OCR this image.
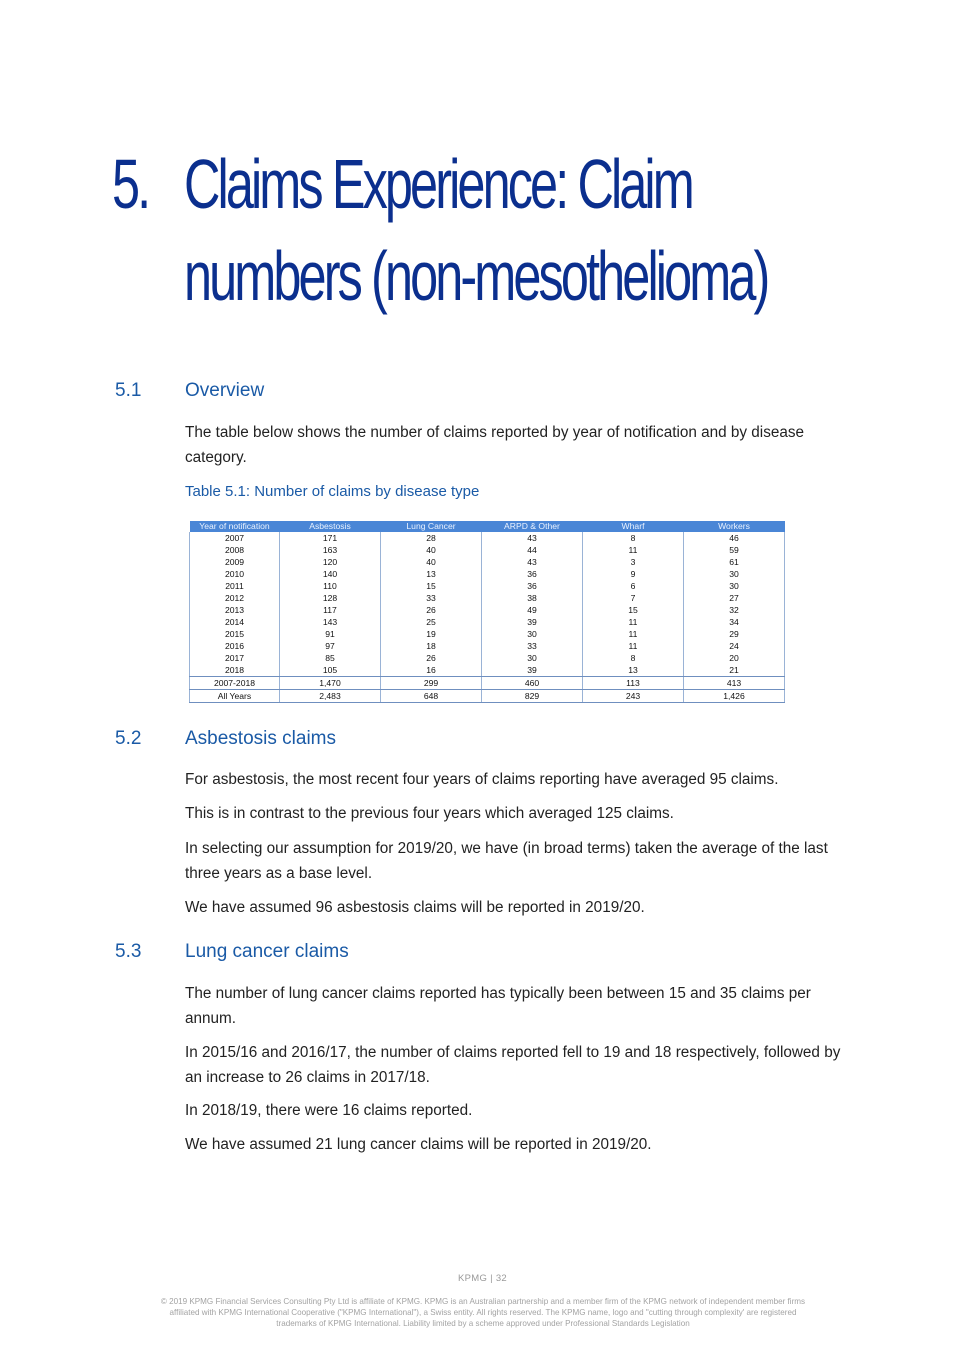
5. Claims Experience: Claim
numbers (non-mesothelioma)
5.1 Overview
The table below shows the number of claims reported by year of notification and by disease category.
Table 5.1: Number of claims by disease type
Year of notification	Asbestosis	Lung Cancer	ARPD & Other	Wharf	Workers
2007	171	28	43	8	46
2008	163	40	44	11	59
2009	120	40	43	3	61
2010	140	13	36	9	30
2011	110	15	36	6	30
2012	128	33	38	7	27
2013	117	26	49	15	32
2014	143	25	39	11	34
2015	91	19	30	11	29
2016	97	18	33	11	24
2017	85	26	30	8	20
2018	105	16	39	13	21
2007-2018	1,470	299	460	113	413
All Years	2,483	648	829	243	1,426
5.2 Asbestosis claims
For asbestosis, the most recent four years of claims reporting have averaged 95 claims.
This is in contrast to the previous four years which averaged 125 claims.
In selecting our assumption for 2019/20, we have (in broad terms) taken the average of the last three years as a base level.
We have assumed 96 asbestosis claims will be reported in 2019/20.
5.3 Lung cancer claims
The number of lung cancer claims reported has typically been between 15 and 35 claims per annum.
In 2015/16 and 2016/17, the number of claims reported fell to 19 and 18 respectively, followed by an increase to 26 claims in 2017/18.
In 2018/19, there were 16 claims reported.
We have assumed 21 lung cancer claims will be reported in 2019/20.
KPMG | 32
© 2019 KPMG Financial Services Consulting Pty Ltd is affiliate of KPMG. KPMG is an Australian partnership and a member firm of the KPMG network of independent member firms
affiliated with KPMG International Cooperative ("KPMG International"), a Swiss entity. All rights reserved. The KPMG name, logo and "cutting through complexity' are registered
trademarks of KPMG International. Liability limited by a scheme approved under Professional Standards Legislation
